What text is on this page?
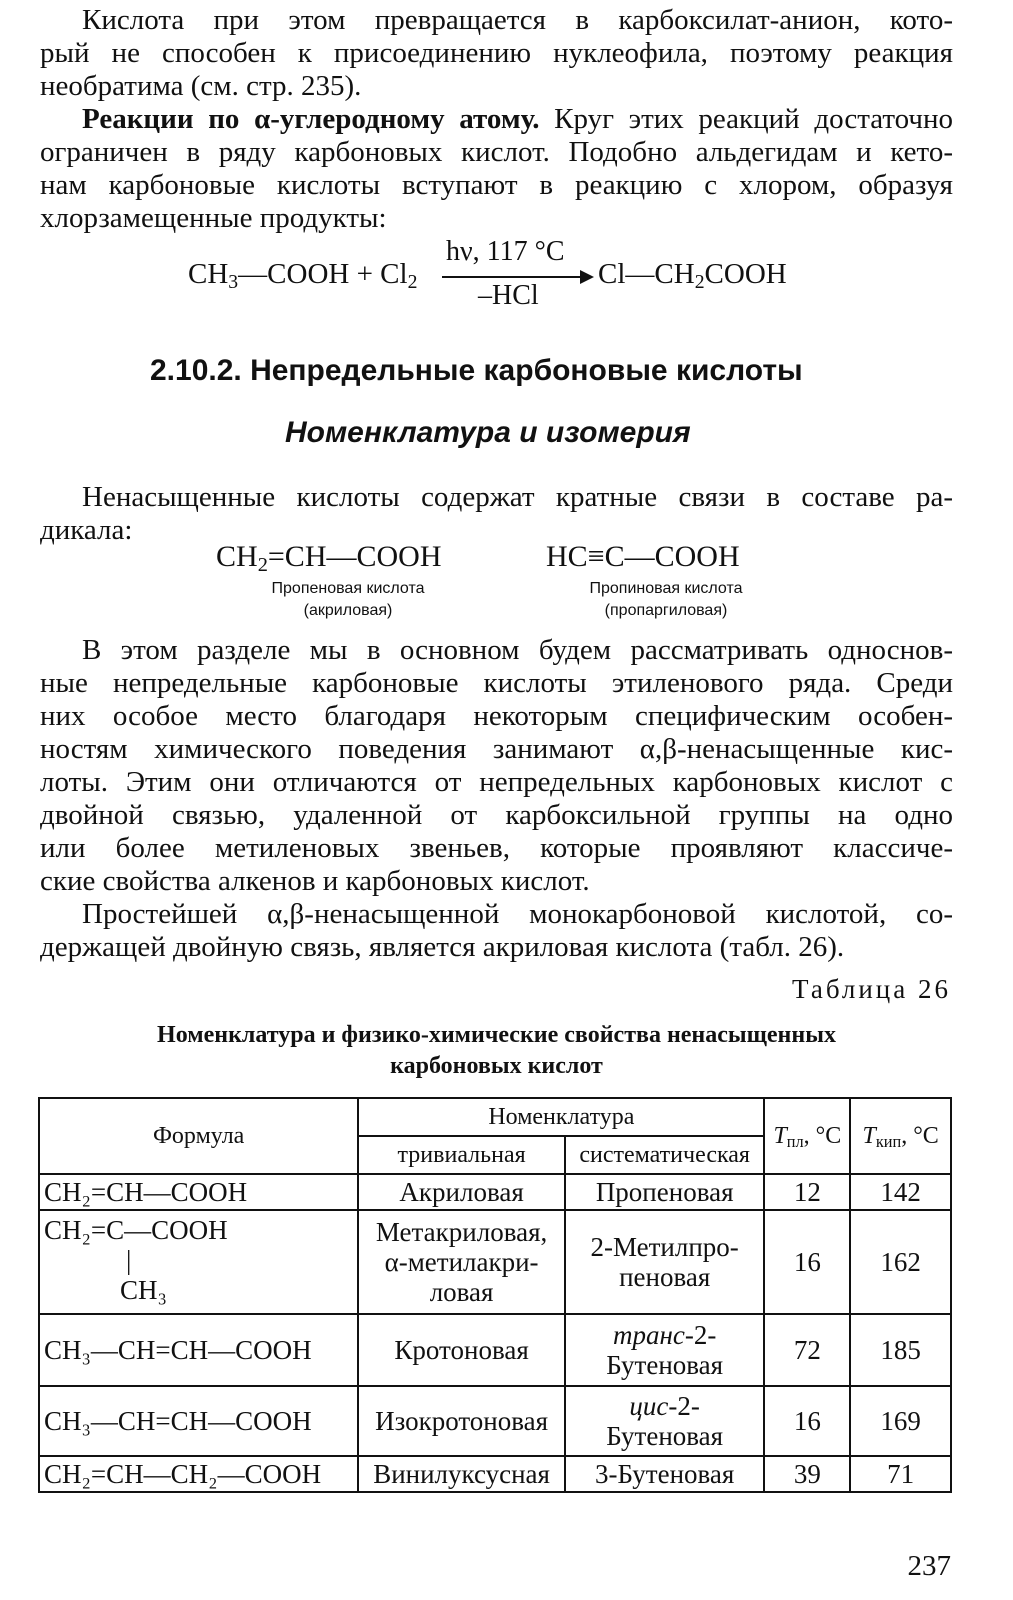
Кислота при этом превращается в карбоксилат-анион, кото-
рый не способен к присоединению нуклеофила, поэтому реакция
необратима (см. стр. 235).
Реакции по α-углеродному атому. Круг этих реакций достаточно
ограничен в ряду карбоновых кислот. Подобно альдегидам и кето-
нам карбоновые кислоты вступают в реакцию с хлором, образуя
хлорзамещенные продукты:
$CH_3—COOH + Cl_2$
hν, 117 °C
–HCl
$Cl—CH_2COOH$
2.10.2. Непредельные карбоновые кислоты
Номенклатура и изомерия
Ненасыщенные кислоты содержат кратные связи в составе ра-
дикала:
$CH_2=CH—COOH$
Пропеновая кислота
(акриловая)
HC≡C—COOH
Пропиновая кислота
(пропаргиловая)
В этом разделе мы в основном будем рассматривать односнов-
ные непредельные карбоновые кислоты этиленового ряда. Среди
них особое место благодаря некоторым специфическим особен-
ностям химического поведения занимают α,β-ненасыщенные кис-
лоты. Этим они отличаются от непредельных карбоновых кислот с
двойной связью, удаленной от карбоксильной группы на одно
или более метиленовых звеньев, которые проявляют классиче-
ские свойства алкенов и карбоновых кислот.
Простейшей α,β-ненасыщенной монокарбоновой кислотой, со-
держащей двойную связь, является акриловая кислота (табл. 26).
Таблица 26
Номенклатура и физико-химические свойства ненасыщенных
карбоновых кислот
Формула	Номенклатура		$T_{пл}$, °C	$T_{кип}$, °C
	тривиальная	систематическая		
CH₂=CH—COOH	Акриловая	Пропеновая	12	142

CH₂=C—COOH
|
CH₃	Метакриловая, α-метилакри- ловая	2-Метилпро- пеновая	16	162
CH₃—CH=CH—COOH	Кротоновая	транс-2- Бутеновая	72	185
CH₃—CH=CH—COOH	Изокротоновая	цис-2- Бутеновая	16	169
CH₂=CH—CH₂—COOH	Винилуксусная	3-Бутеновая	39	71
237
